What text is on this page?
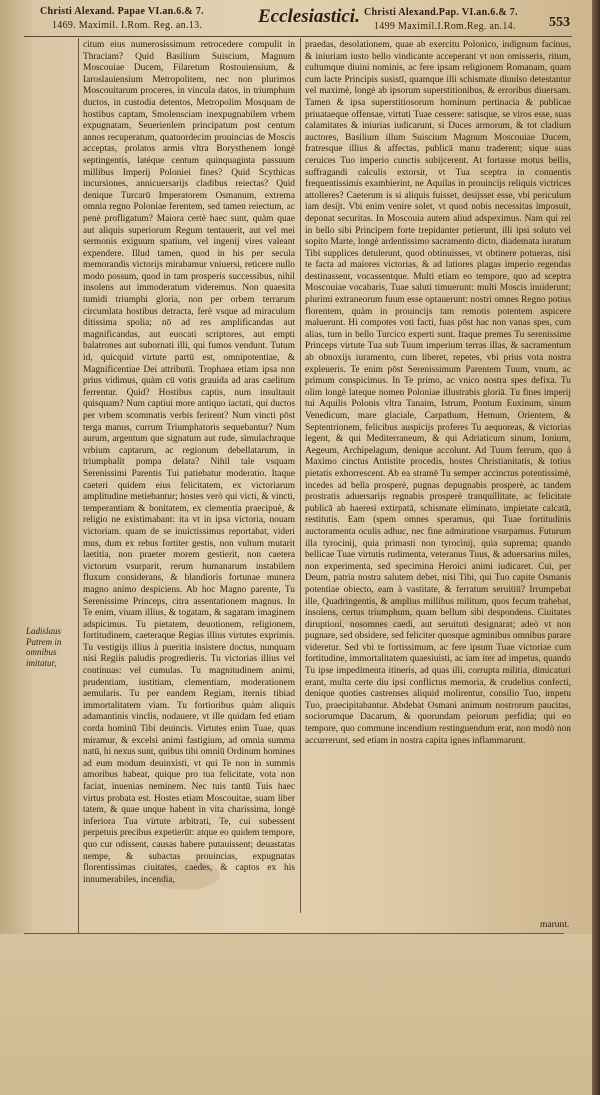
Christi Alexand. Papae VI.an.6.& 7.
1469. Maximil. I.Rom. Reg. an.13.	Ecclesiastici. Christi Alexand.Pap. VI.an.6.& 7.
1499 Maximil.I.Rom.Reg. an.14. 553
Ladislaus Patrem in omnibus imitatur,

citum eius numerosissimum retrocedere compulit in Thraciam? Quid Basilium Suiscium, Magnum Moscouiae Ducem, Filaretum Rostouiensium, & Iaroslauiensium Metropolitem, nec non plurimos Moscouitarum proceres, in vincula datos, in triumphum ductos, in custodia detentos, Metropolim Mosquam de hostibus captam, Smolensciam inexpugnabilem vrbem expugnatam, Seuerienlem principatum post centum annos recuperatum, quatuordecim prouincias de Moscis acceptas, prolatos armis vltra Borysthenem longè septingentis, latéque centum quinquaginta passuum millibus Imperij Poloniei fines? Quid Scythicas incursiones, annicuersarijs cladibus reiectas? Quid denique Turcarū Imperatorem Osmanum, extrema omnia regno Poloniae ferentem, sed tamen reiectum, ac penè profligatum? Maiora certè haec sunt, quàm quae aut aliquis superiorum Regum tentauerit, aut vel mei sermonis exiguum spatium, vel ingenij vires valeant expendere. Illud tamen, quod in his per secula memorandis victorijs mirabamur vniuersi, reticere nullo modo possum, quod in tam prosperis successibus, nihil insolens aut immoderatum videremus. Non quaesita tumidi triumphi gloria, non per orbem terrarum circumlata hostibus detracta, ferè vsque ad miraculum ditissima spolia; nō ad res amplificandas aut magnificandas, aut euocati scriptores, aut empti balatrones aut subornati illi, qui fumos vendunt. Tutum id, quicquid virtute partū est, omnipotentiae, & Magnificentiae Dei attributū. Trophaea etiam ipsa non prius vidimus, quàm cū votis grauida ad aras caelitum ferrentur. Quid? Hostibus captis, num insultauit quisquam? Num captiui more antiquo iactati, qui ductos per vrbem scommatis verbis ferirent? Num vincti pōst terga manus, currum Triumphatoris sequebantur? Num aurum, argentum que signatum aut rude, simulachraque vrbium captarum, ac regionum debellatarum, in triumphalit pompa delata? Nihil tale vsquam Serenissimi Parentis Tui patiebatur moderatio. Itaque caeteri quidem eius felicitatem, ex victoriarum amplitudine metiebantur; hostes verò qui victi, & vincti, temperantiam & bonitatem, ex clementia praecipuè, & religio ne existimabant: ita vt in ipsa victoria, nouam victoriam. quam de se inuictissimus reportabat, videri mus, dum ex rebus fortiter gestis, non vultum mutarit laetitia, non praeter morem gestierit, non caetera victorum vsurparit, rerum humanarum instabilem fluxum considerans, & blandioris fortunae munera magno animo despiciens. Ab hoc Magno parente, Tu Serenissime Princeps, citra assentationem magnus. In Te enim, viuam illius, & togatam, & sagatam imaginem adspicimus. Tu pietatem, deuotionem, religionem, fortitudinem, caeteraque Regias illius virtutes exprimis. Tu vestigijs illius à pueritia insistere doctus, nunquam nisi Regiis paludis progredieris. Tu victorias illius vel continuas: vel cumulas. Tu magnitudinem animi, prudentiam, iustitiam, clementiam, moderationem aemularis. Tu per eandem Regiam, iternis tibiad immortalitatem viam. Tu fortioribus quàm aliquis adamantinis vinclis, nodauere, vt ille quidam fed etiam corda hominū Tibi deuincis. Virtutes enim Tuae, quas miramur, & excelsi animi fastigium, ad omnia summa natū, hi nexus sunt, quibus tibi omniū Ordinum homines ad eum modum deuinxisti, vt qui Te non in summis amoribus habeat, quique pro tua felicitate, vota non faciat, inuenias neminem. Nec tuis tantū Tuis haec virtus probata est. Hostes etiam Moscouitae, suam liber tatem, & quae unque habent in vita charissima, longè inferiora Tua virtute arbitrati, Te, cui subessent perpetuis precibus expetierūt: atque eo quidem tempore, quo cur odissent, causas habere putauissent; deuastatas nempe, & subactas prouincias, expugnatas florentissimas ciuitates, caedes, & captos ex his innumerabiles, incendia,

praedas, desolationem, quae ab exercitu Polonico, indignum facinus, & iniuriam iusto bello vindicante acceperant vt non omisseris, ritum, cultumque diuini nominis, ac fere ipsam religionem Romanam, quam cum lacte Principis susistī, quamque illi schismate diuulso detestantur vel maximè, longè ab ipsorum superstitionibus, & erroribus diuersam. Tamen & ipsa superstitiosorum hominum pertinacia & publicae priuataeque offensae, virtuti Tuae cessere: satisque, se viros esse, suas calamitates & iniurias iudicarunt, si Duces armorum, & tot cladium auctores, Basilium illum Suiscium Magnum Moscouiae Ducem, fratresque illius & affectas, publicā manu traderent; sique suas ceruices Tuo imperio cunctis subijcerent. At fortasse motus bellis, suffragandi calculis extorsit, vt Tua sceptra in conuentis frequentissimis exambierint, ne Aquilas in prouincijs reliquis victrices attolleres? Caeterum is si aliquis fuisset, desijsset esse, vbi periculum iam desijt. Vbi enim venire solet, vt quod nobis necessitas imposuit, deponat securitas. In Moscouia autem aliud adspeximus. Nam qui rei in bello sibi Principem forte trepidanter petierunt, illi ipsi soluto vel sopito Marte, longè ardentissimo sacramento dicto, diademata iuratum Tibi supplices detulerunt, quod obtinuisses, vt obtinere potueras, nisi te facta ad maiores victorias, & ad latiores plagas imperio regendas destinassent, vocassentque. Multi etiam eo tempore, quo ad sceptra Moscouiae vocabaris, Tuae saluti timuerunt: multi Moscis inuiderunt; plurimi extraneorum fuum esse optauerunt: nostri omnes Regno potius florentem, quàm in prouincijs tam remotis potentem aspicere maluerunt. Hi compotes voti facti, fuas pōst hac non vanas spes, cum alias, tum in bello Turcico experti sunt. Itaque premes Tu serenissime Princeps virtute Tua sub Tuum imperium terras illas, & sacramentum ab obnoxijs iuramento, cum liberet, repetes, vbi prius vota nostra expleueris. Te enim pōst Serenissimum Parentem Tuum, vnum, ac primum conspicimus. In Te primo, ac vnico nostra spes defixa. Tu olim longè lateque nomen Poloniae illustrabis gloriā. Tu fines imperij tui Aquilis Polonis vltra Tanaim, Istrum, Pontum Euxinum, sinum Venedicum, mare glaciale, Carpathum, Hemum, Orientem, & Septentrionem, felicibus auspicijs proferes Tu aequoreas, & victorias legent, & qui Mediterraneum, & qui Adriaticum sinum, Ionium, Aegeum, Archipelagum, denique accolunt. Ad Tuum ferrum, quo à Maximo cinctus Antistite procedis, hostes Christianitatis, & totius pietatis exhorrescent. Ab ea stramē Tu semper accinctus potentissimè, incedes ad bella prosperè, pugnas depugnabis prosperè, ac tandem prostratis aduersarijs regnabis prosperè tranquillitate, ac felicitate publicā ab haeresi extirpatā, schismate eliminato, impietate calcatā, restitutis. Eam (spem omnes speramus, qui Tuae fortitudinis auctoramenta oculis adhuc, nec fine admiratione vsurpamus. Futurum illa tyrocinij, quia primasti non tyrocinij, quia suprema; quando bellicae Tuae virtutis rudimenta, veteranus Tuus, & aduersarius miles, non experimenta, sed specimina Heroici animi iudicaret. Cui, per Deum, patria nostra salutem debet, nisi Tibi, qui Tuo capite Osmanis potentiae obiecto, eam à vastitate, & ferratum seruitiū? Irrumpebat ille, Quadringentis, & amplius millibus militum, quos fecum trahebat, insolens, certus triumphum, quam bellum sibi despondens. Ciuitates diruptioni, nosomnes caedi, aut seruituti designarat; adeò vt non pugnare, sed obsidere, sed feliciter quosque agminibus omnibus parare videretur. Sed vbi te fortissimum, ac fere ipsum Tuae victoriae cum fortitudine, immortalitatem quaesiuisti, ac iam iter ad impetus, quando Tu ipse impedimenta itineris, ad quas illi, corrupta militia, dimicaturi erant, multa certe diu ipsi conflictus memoria, & crudelius confecti, denique quoties castrenses aliquid molirentur, consilio Tuo, impetu Tuo, praecipitabantur. Abdebat Osmani animum nostrorum paucitas, sociorumque Dacarum, & quorundam peiorum perfidia; qui eo tempore, quo commune incendium restinguendum erat, non modò non accurrerunt, sed etiam in nostra capita ignes inflammarunt.

marunt.
